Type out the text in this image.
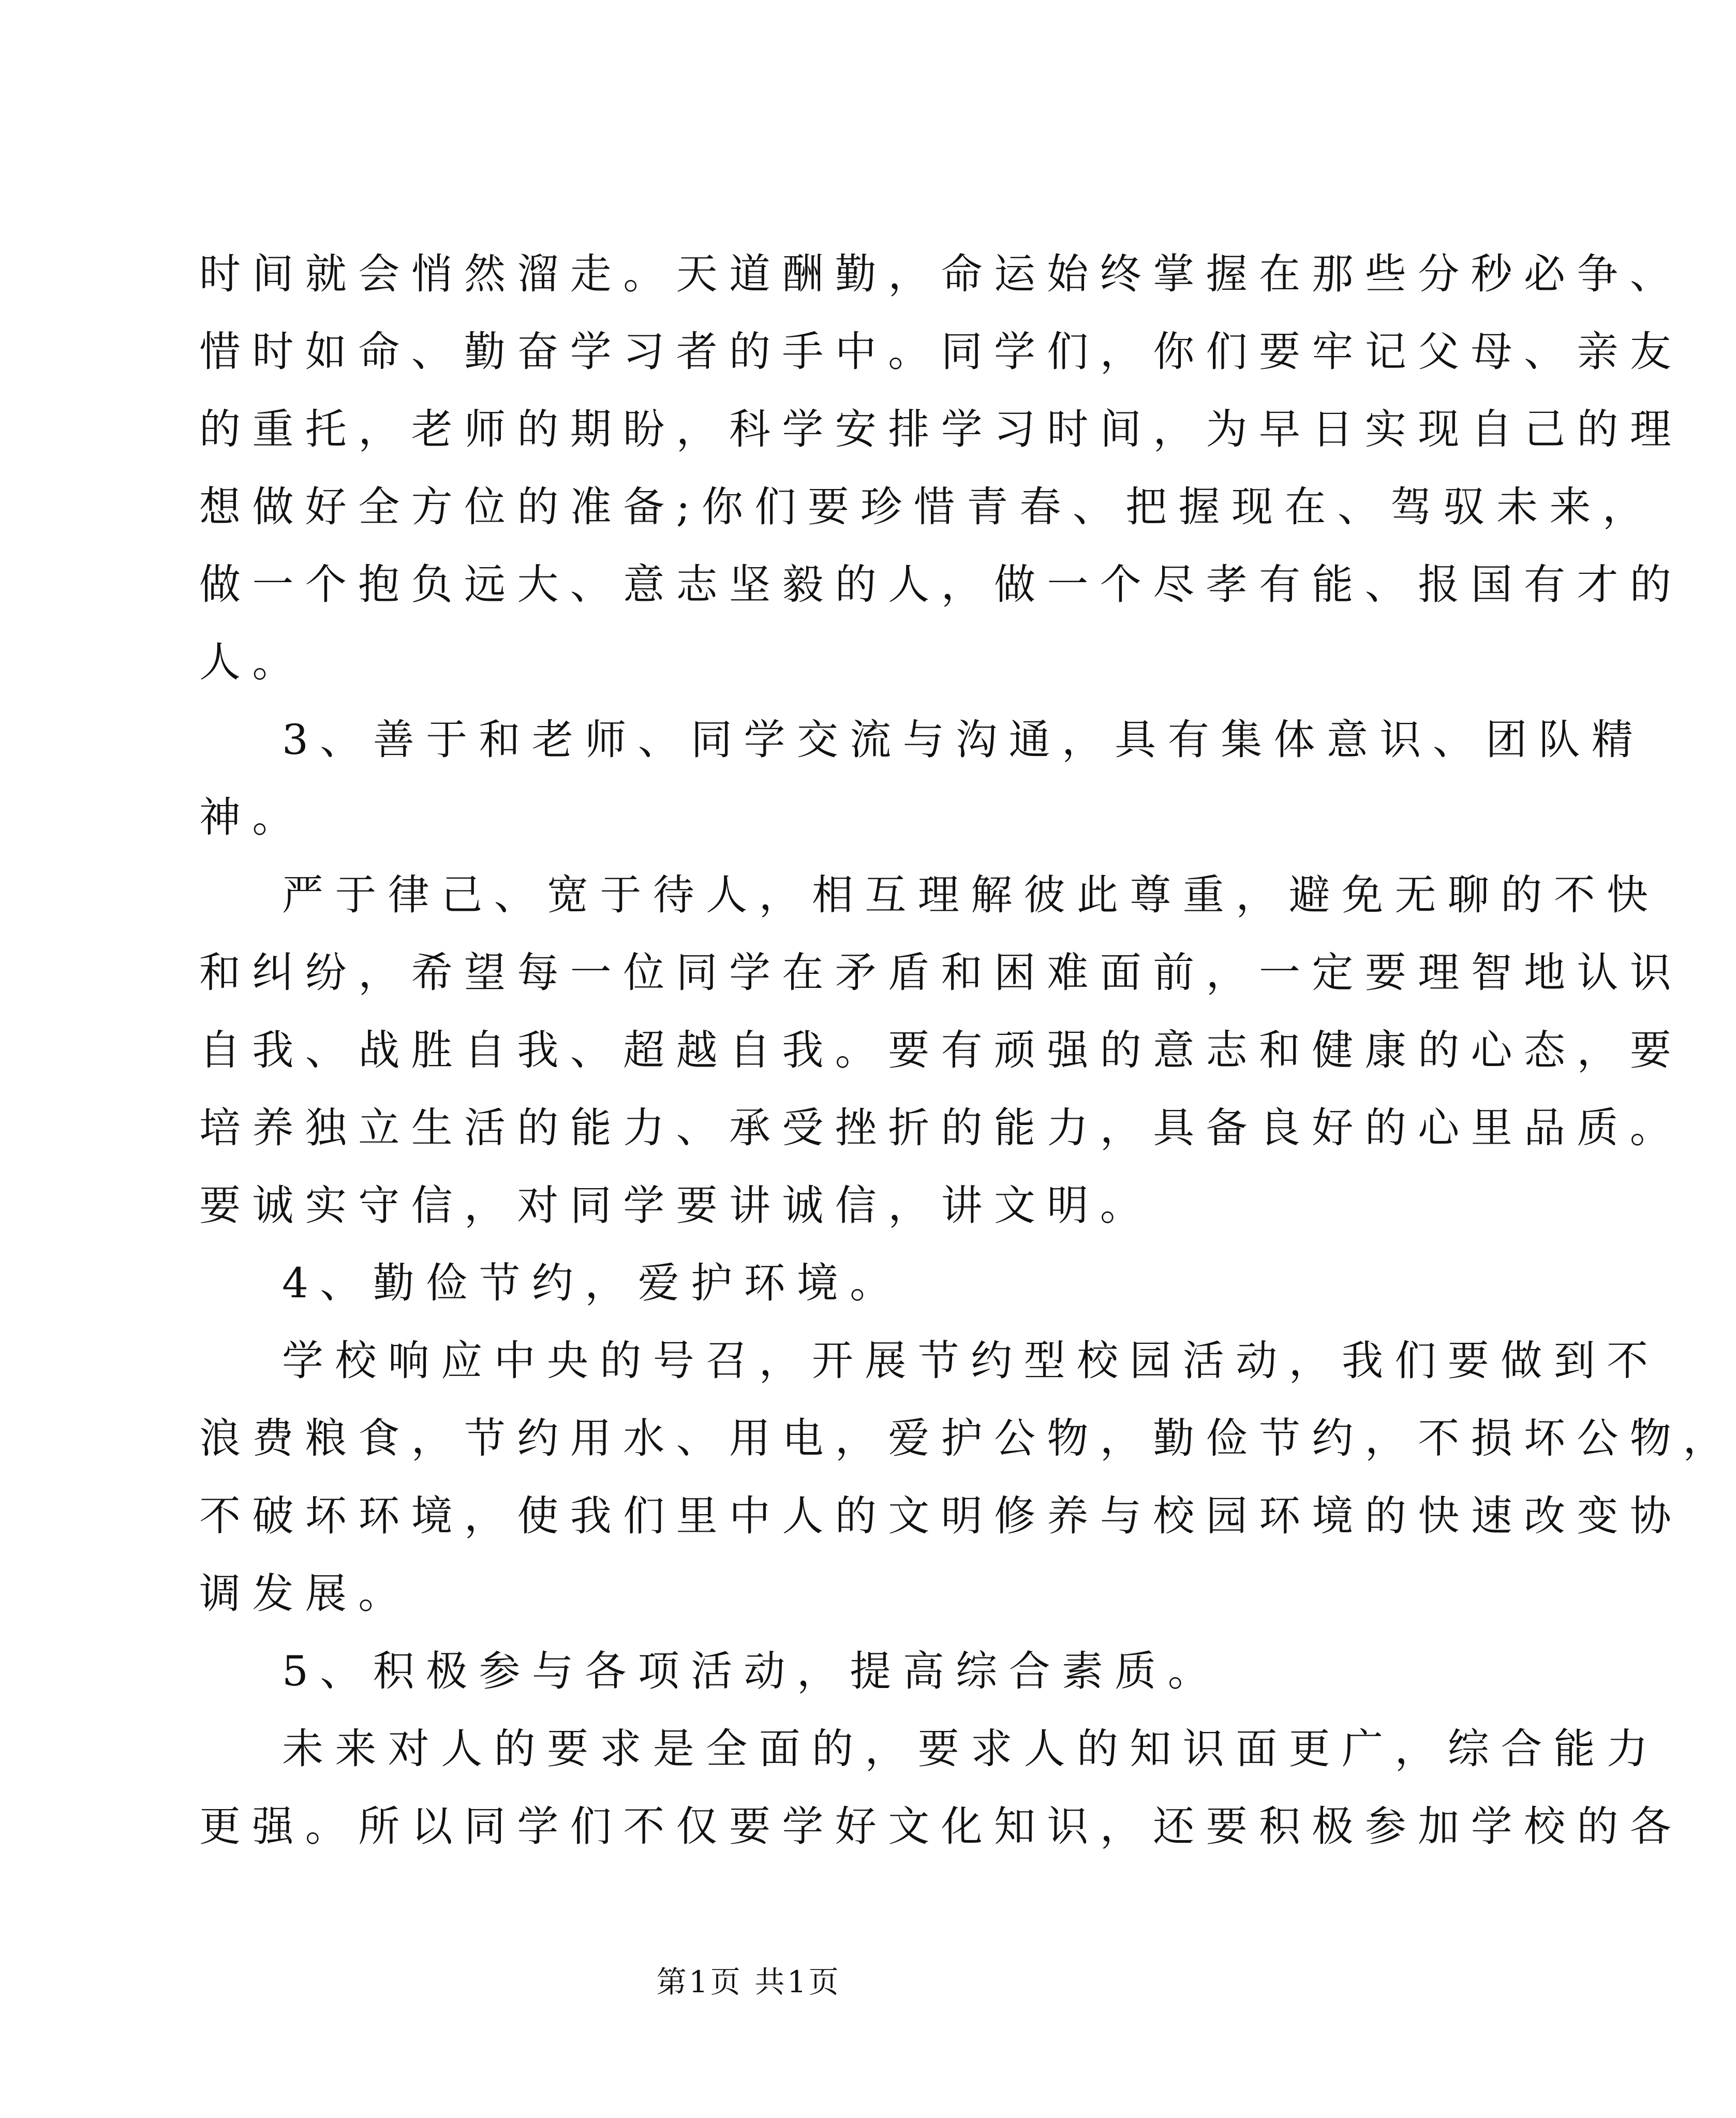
时间就会悄然溜走。天道酬勤，命运始终掌握在那些分秒必争、
惜时如命、勤奋学习者的手中。同学们，你们要牢记父母、亲友
的重托，老师的期盼，科学安排学习时间，为早日实现自己的理
想做好全方位的准备;你们要珍惜青春、把握现在、驾驭未来，
做一个抱负远大、意志坚毅的人，做一个尽孝有能、报国有才的
人。
3、善于和老师、同学交流与沟通，具有集体意识、团队精
神。
严于律己、宽于待人，相互理解彼此尊重，避免无聊的不快
和纠纷，希望每一位同学在矛盾和困难面前，一定要理智地认识
自我、战胜自我、超越自我。要有顽强的意志和健康的心态，要
培养独立生活的能力、承受挫折的能力，具备良好的心里品质。
要诚实守信，对同学要讲诚信，讲文明。
4、勤俭节约，爱护环境。
学校响应中央的号召，开展节约型校园活动，我们要做到不
浪费粮食，节约用水、用电，爱护公物，勤俭节约，不损坏公物，
不破坏环境，使我们里中人的文明修养与校园环境的快速改变协
调发展。
5、积极参与各项活动，提高综合素质。
未来对人的要求是全面的，要求人的知识面更广，综合能力
更强。所以同学们不仅要学好文化知识，还要积极参加学校的各
第1页 共1页
